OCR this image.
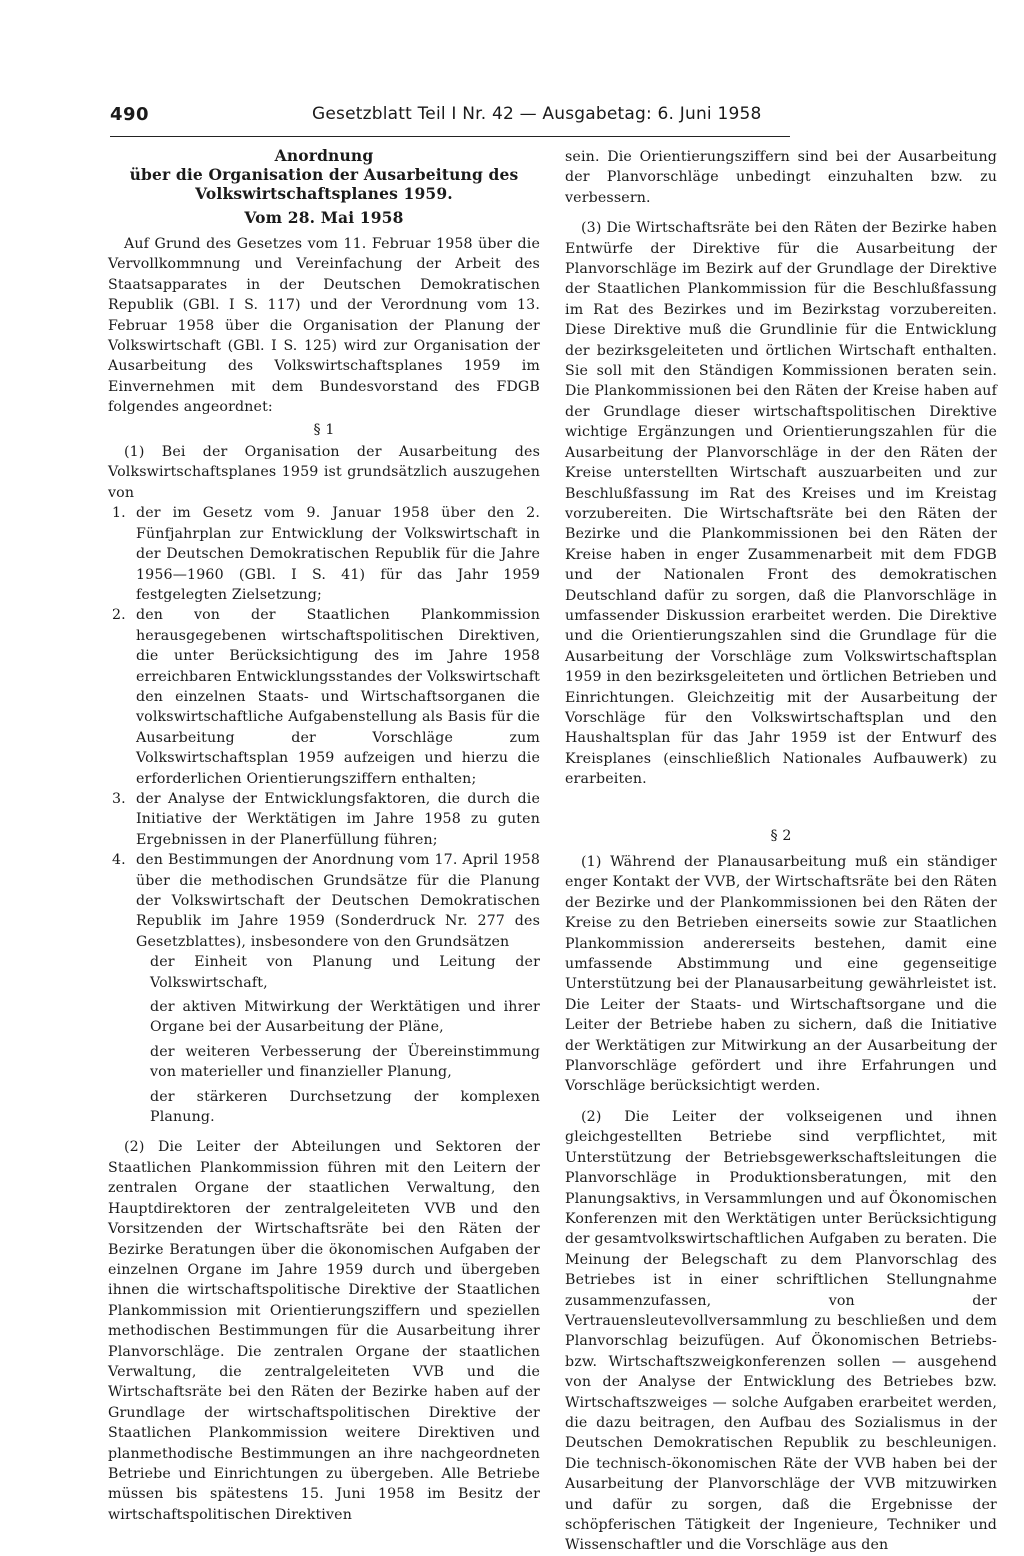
490	Gesetzblatt Teil I Nr. 42 — Ausgabetag: 6. Juni 1958
Anordnung
über die Organisation der Ausarbeitung des
Volkswirtschaftsplanes 1959.
Vom 28. Mai 1958

Auf Grund des Gesetzes vom 11. Februar 1958 über die Vervollkommnung und Vereinfachung der Arbeit des Staatsapparates in der Deutschen Demokratischen Republik (GBl. I S. 117) und der Verordnung vom 13. Februar 1958 über die Organisation der Planung der Volkswirtschaft (GBl. I S. 125) wird zur Organisation der Ausarbeitung des Volkswirtschaftsplanes 1959 im Einvernehmen mit dem Bundesvorstand des FDGB folgendes angeordnet:

§ 1

(1) Bei der Organisation der Ausarbeitung des Volkswirtschaftsplanes 1959 ist grundsätzlich auszugehen von

1. der im Gesetz vom 9. Januar 1958 über den 2. Fünfjahrplan zur Entwicklung der Volkswirtschaft in der Deutschen Demokratischen Republik für die Jahre 1956—1960 (GBl. I S. 41) für das Jahr 1959 festgelegten Zielsetzung;
2. den von der Staatlichen Plankommission herausgegebenen wirtschaftspolitischen Direktiven, die unter Berücksichtigung des im Jahre 1958 erreichbaren Entwicklungsstandes der Volkswirtschaft den einzelnen Staats- und Wirtschaftsorganen die volkswirtschaftliche Aufgabenstellung als Basis für die Ausarbeitung der Vorschläge zum Volkswirtschaftsplan 1959 aufzeigen und hierzu die erforderlichen Orientierungsziffern enthalten;
3. der Analyse der Entwicklungsfaktoren, die durch die Initiative der Werktätigen im Jahre 1958 zu guten Ergebnissen in der Planerfüllung führen;
4. den Bestimmungen der Anordnung vom 17. April 1958 über die methodischen Grundsätze für die Planung der Volkswirtschaft der Deutschen Demokratischen Republik im Jahre 1959 (Sonderdruck Nr. 277 des Gesetzblattes), insbesondere von den Grundsätzen
der Einheit von Planung und Leitung der Volkswirtschaft,
der aktiven Mitwirkung der Werktätigen und ihrer Organe bei der Ausarbeitung der Pläne,
der weiteren Verbesserung der Übereinstimmung von materieller und finanzieller Planung,
der stärkeren Durchsetzung der komplexen Planung.

(2) Die Leiter der Abteilungen und Sektoren der Staatlichen Plankommission führen mit den Leitern der zentralen Organe der staatlichen Verwaltung, den Hauptdirektoren der zentralgeleiteten VVB und den Vorsitzenden der Wirtschaftsräte bei den Räten der Bezirke Beratungen über die ökonomischen Aufgaben der einzelnen Organe im Jahre 1959 durch und übergeben ihnen die wirtschaftspolitische Direktive der Staatlichen Plankommission mit Orientierungsziffern und speziellen methodischen Bestimmungen für die Ausarbeitung ihrer Planvorschläge. Die zentralen Organe der staatlichen Verwaltung, die zentralgeleiteten VVB und die Wirtschaftsräte bei den Räten der Bezirke haben auf der Grundlage der wirtschaftspolitischen Direktive der Staatlichen Plankommission weitere Direktiven und planmethodische Bestimmungen an ihre nachgeordneten Betriebe und Einrichtungen zu übergeben. Alle Betriebe müssen bis spätestens 15. Juni 1958 im Besitz der wirtschaftspolitischen Direktiven

sein. Die Orientierungsziffern sind bei der Ausarbeitung der Planvorschläge unbedingt einzuhalten bzw. zu verbessern.

(3) Die Wirtschaftsräte bei den Räten der Bezirke haben Entwürfe der Direktive für die Ausarbeitung der Planvorschläge im Bezirk auf der Grundlage der Direktive der Staatlichen Plankommission für die Beschlußfassung im Rat des Bezirkes und im Bezirkstag vorzubereiten. Diese Direktive muß die Grundlinie für die Entwicklung der bezirksgeleiteten und örtlichen Wirtschaft enthalten. Sie soll mit den Ständigen Kommissionen beraten sein. Die Plankommissionen bei den Räten der Kreise haben auf der Grundlage dieser wirtschaftspolitischen Direktive wichtige Ergänzungen und Orientierungszahlen für die Ausarbeitung der Planvorschläge in der den Räten der Kreise unterstellten Wirtschaft auszuarbeiten und zur Beschlußfassung im Rat des Kreises und im Kreistag vorzubereiten. Die Wirtschaftsräte bei den Räten der Bezirke und die Plankommissionen bei den Räten der Kreise haben in enger Zusammenarbeit mit dem FDGB und der Nationalen Front des demokratischen Deutschland dafür zu sorgen, daß die Planvorschläge in umfassender Diskussion erarbeitet werden. Die Direktive und die Orientierungszahlen sind die Grundlage für die Ausarbeitung der Vorschläge zum Volkswirtschaftsplan 1959 in den bezirksgeleiteten und örtlichen Betrieben und Einrichtungen. Gleichzeitig mit der Ausarbeitung der Vorschläge für den Volkswirtschaftsplan und den Haushaltsplan für das Jahr 1959 ist der Entwurf des Kreisplanes (einschließlich Nationales Aufbauwerk) zu erarbeiten.

§ 2

(1) Während der Planausarbeitung muß ein ständiger enger Kontakt der VVB, der Wirtschaftsräte bei den Räten der Bezirke und der Plankommissionen bei den Räten der Kreise zu den Betrieben einerseits sowie zur Staatlichen Plankommission andererseits bestehen, damit eine umfassende Abstimmung und eine gegenseitige Unterstützung bei der Planausarbeitung gewährleistet ist. Die Leiter der Staats- und Wirtschaftsorgane und die Leiter der Betriebe haben zu sichern, daß die Initiative der Werktätigen zur Mitwirkung an der Ausarbeitung der Planvorschläge gefördert und ihre Erfahrungen und Vorschläge berücksichtigt werden.

(2) Die Leiter der volkseigenen und ihnen gleichgestellten Betriebe sind verpflichtet, mit Unterstützung der Betriebsgewerkschaftsleitungen die Planvorschläge in Produktionsberatungen, mit den Planungsaktivs, in Versammlungen und auf Ökonomischen Konferenzen mit den Werktätigen unter Berücksichtigung der gesamtvolkswirtschaftlichen Aufgaben zu beraten. Die Meinung der Belegschaft zu dem Planvorschlag des Betriebes ist in einer schriftlichen Stellungnahme zusammenzufassen, von der Vertrauensleutevollversammlung zu beschließen und dem Planvorschlag beizufügen. Auf Ökonomischen Betriebs- bzw. Wirtschaftszweigkonferenzen sollen — ausgehend von der Analyse der Entwicklung des Betriebes bzw. Wirtschaftszweiges — solche Aufgaben erarbeitet werden, die dazu beitragen, den Aufbau des Sozialismus in der Deutschen Demokratischen Republik zu beschleunigen. Die technisch-ökonomischen Räte der VVB haben bei der Ausarbeitung der Planvorschläge der VVB mitzuwirken und dafür zu sorgen, daß die Ergebnisse der schöpferischen Tätigkeit der Ingenieure, Techniker und Wissenschaftler und die Vorschläge aus den
